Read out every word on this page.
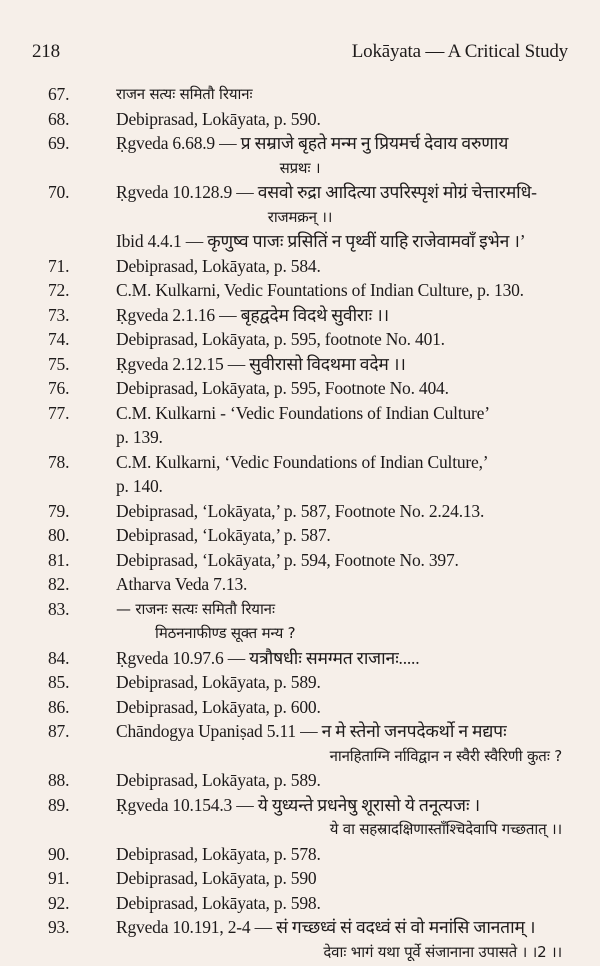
218	Lokāyata — A Critical Study
67.	राजन सत्यः समितौ रियानः
68.	Debiprasad, Lokāyata, p. 590.
69.	Ṛgveda 6.68.9 — प्र सम्राजे बृहते मन्म नु प्रियमर्च देवाय वरुणाय
सप्रथः ।
70.	Ṛgveda 10.128.9 — वसवो रुद्रा आदित्या उपरिस्पृशं मोग्रं चेत्तारमधि-
राजमक्रन् ।।
Ibid 4.4.1 — कृणुष्व पाजः प्रसितिं न पृथ्वीं याहि राजेवामवाँ इभेन ।’
71.	Debiprasad, Lokāyata, p. 584.
72.	C.M. Kulkarni, Vedic Fountations of Indian Culture, p. 130.
73.	Ṛgveda 2.1.16 — बृहद्वदेम विदथे सुवीराः ।।
74.	Debiprasad, Lokāyata, p. 595, footnote No. 401.
75.	Ṛgveda 2.12.15 — सुवीरासो विदथमा वदेम ।।
76.	Debiprasad, Lokāyata, p. 595, Footnote No. 404.
77.	C.M. Kulkarni - ‘Vedic Foundations of Indian Culture’
p. 139.
78.	C.M. Kulkarni, ‘Vedic Foundations of Indian Culture,’
p. 140.
79.	Debiprasad, ‘Lokāyata,’ p. 587, Footnote No. 2.24.13.
80.	Debiprasad, ‘Lokāyata,’ p. 587.
81.	Debiprasad, ‘Lokāyata,’ p. 594, Footnote No. 397.
82.	Atharva Veda 7.13.
83.	— राजनः सत्यः समितौ रियानः
मिठननाफीण्ड सूक्त मन्य ?
84.	Ṛgveda 10.97.6 — यत्रौषधीः समग्मत राजानः.....
85.	Debiprasad, Lokāyata, p. 589.
86.	Debiprasad, Lokāyata, p. 600.
87.	Chāndogya Upaniṣad 5.11 — न मे स्तेनो जनपदेकर्थो न मद्यपः
नानहिताग्नि र्नाविद्वान न स्वैरी स्वैरिणी कुतः ?
88.	Debiprasad, Lokāyata, p. 589.
89.	Ṛgveda 10.154.3 — ये युध्यन्ते प्रधनेषु शूरासो ये तनूत्यजः ।
ये वा सहस्रादक्षिणास्ताँश्चिदेवापि गच्छतात् ।।
90.	Debiprasad, Lokāyata, p. 578.
91.	Debiprasad, Lokāyata, p. 590
92.	Debiprasad, Lokāyata, p. 598.
93.	Rgveda 10.191, 2-4 — सं गच्छध्वं सं वदध्वं सं वो मनांसि जानताम् ।
देवाः भागं यथा पूर्वे संजानाना उपासते । ।2 ।।
